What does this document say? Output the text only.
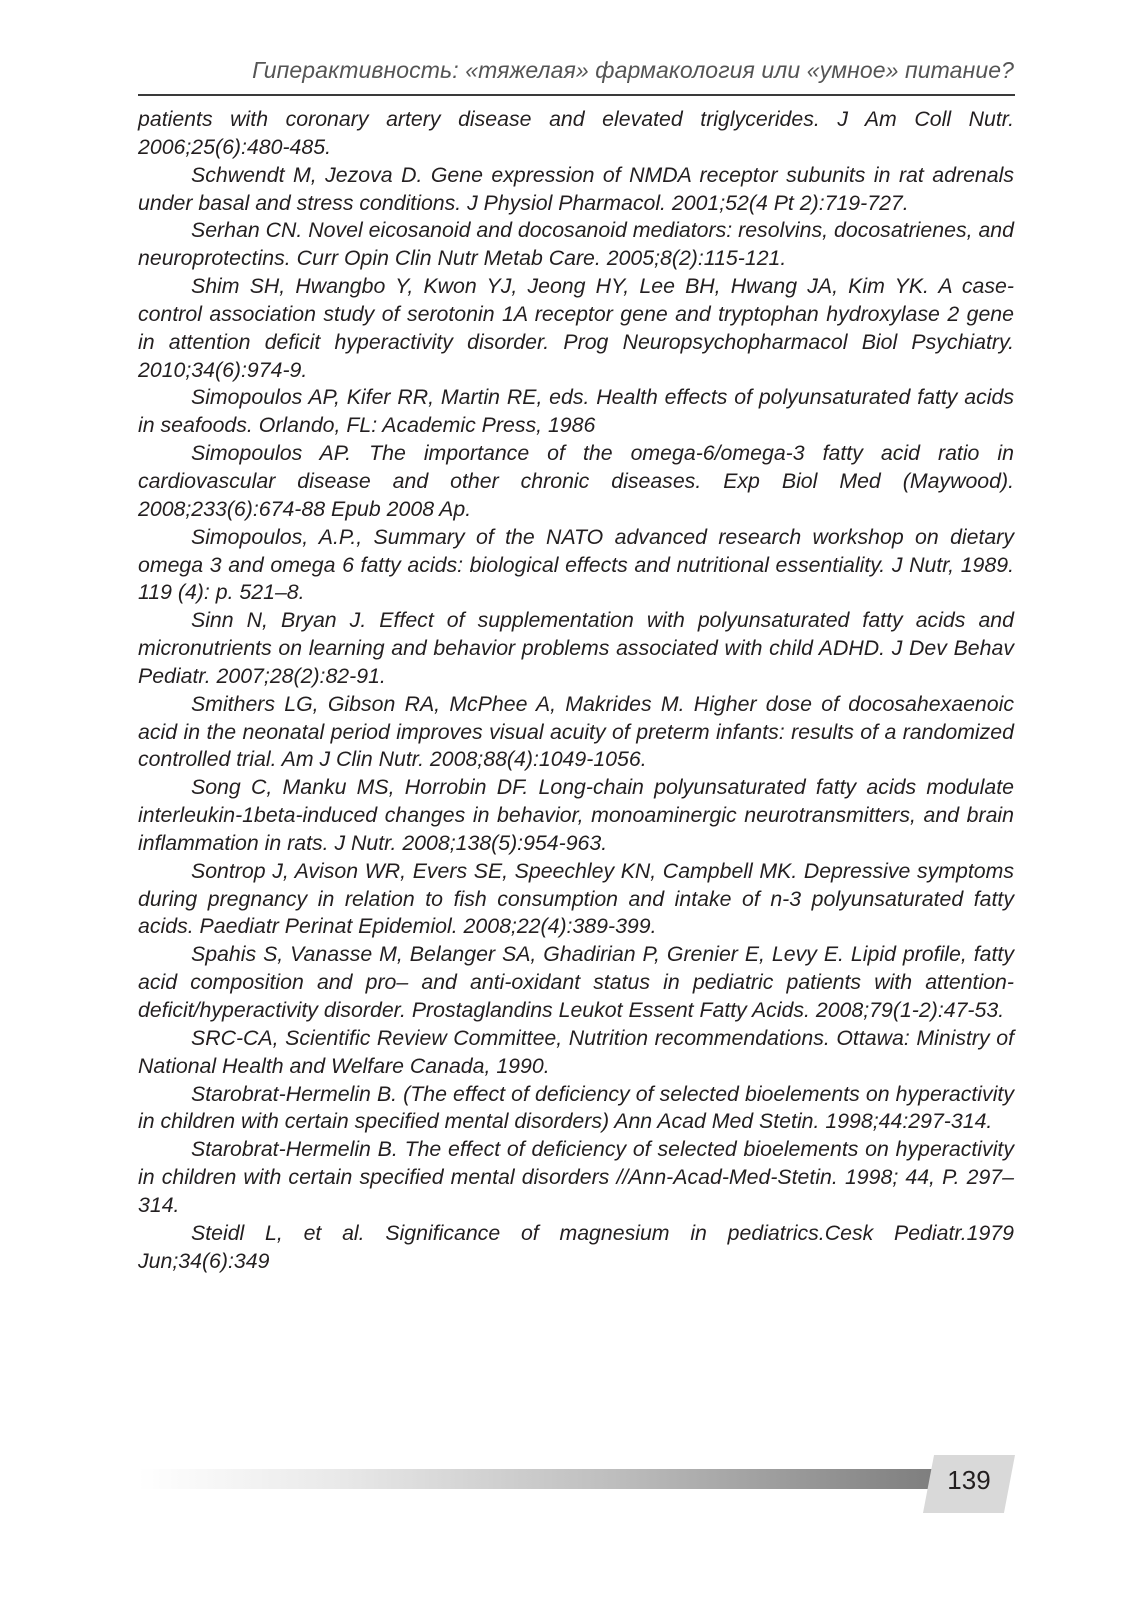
Гиперактивность: «тяжелая» фармакология или «умное» питание?

patients with coronary artery disease and elevated triglycerides. J Am Coll Nutr. 2006;25(6):480-485.

Schwendt M, Jezova D. Gene expression of NMDA receptor subunits in rat adrenals under basal and stress conditions. J Physiol Pharmacol. 2001;52(4 Pt 2):719-727.

Serhan CN. Novel eicosanoid and docosanoid mediators: resolvins, docosatrienes, and neuroprotectins. Curr Opin Clin Nutr Metab Care. 2005;8(2):115-121.

Shim SH, Hwangbo Y, Kwon YJ, Jeong HY, Lee BH, Hwang JA, Kim YK. A case-control association study of serotonin 1A receptor gene and tryptophan hydroxylase 2 gene in attention deficit hyperactivity disorder. Prog Neuropsychopharmacol Biol Psychiatry. 2010;34(6):974-9.

Simopoulos AP, Kifer RR, Martin RE, eds. Health effects of polyunsaturated fatty acids in seafoods. Orlando, FL: Academic Press, 1986

Simopoulos AP. The importance of the omega-6/omega-3 fatty acid ratio in cardiovascular disease and other chronic diseases. Exp Biol Med (Maywood). 2008;233(6):674-88 Epub 2008 Ap.

Simopoulos, A.P., Summary of the NATO advanced research workshop on dietary omega 3 and omega 6 fatty acids: biological effects and nutritional essentiality. J Nutr, 1989. 119 (4): p. 521–8.

Sinn N, Bryan J. Effect of supplementation with polyunsaturated fatty acids and micronutrients on learning and behavior problems associated with child ADHD. J Dev Behav Pediatr. 2007;28(2):82-91.

Smithers LG, Gibson RA, McPhee A, Makrides M. Higher dose of docosahexaenoic acid in the neonatal period improves visual acuity of preterm infants: results of a randomized controlled trial. Am J Clin Nutr. 2008;88(4):1049-1056.

Song C, Manku MS, Horrobin DF. Long-chain polyunsaturated fatty acids modulate interleukin-1beta-induced changes in behavior, monoaminergic neurotransmitters, and brain inflammation in rats. J Nutr. 2008;138(5):954-963.

Sontrop J, Avison WR, Evers SE, Speechley KN, Campbell MK. Depressive symptoms during pregnancy in relation to fish consumption and intake of n-3 polyunsaturated fatty acids. Paediatr Perinat Epidemiol. 2008;22(4):389-399.

Spahis S, Vanasse M, Belanger SA, Ghadirian P, Grenier E, Levy E. Lipid profile, fatty acid composition and pro– and anti-oxidant status in pediatric patients with attention-deficit/hyperactivity disorder. Prostaglandins Leukot Essent Fatty Acids. 2008;79(1-2):47-53.

SRC-CA, Scientific Review Committee, Nutrition recommendations. Ottawa: Ministry of National Health and Welfare Canada, 1990.

Starobrat-Hermelin B. (The effect of deficiency of selected bioelements on hyperactivity in children with certain specified mental disorders) Ann Acad Med Stetin. 1998;44:297-314.

Starobrat-Hermelin B. The effect of deficiency of selected bioelements on hyperactivity in children with certain specified mental disorders //Ann-Acad-Med-Stetin. 1998; 44, P. 297–314.

Steidl L, et al. Significance of magnesium in pediatrics.Cesk Pediatr.1979 Jun;34(6):349

139
